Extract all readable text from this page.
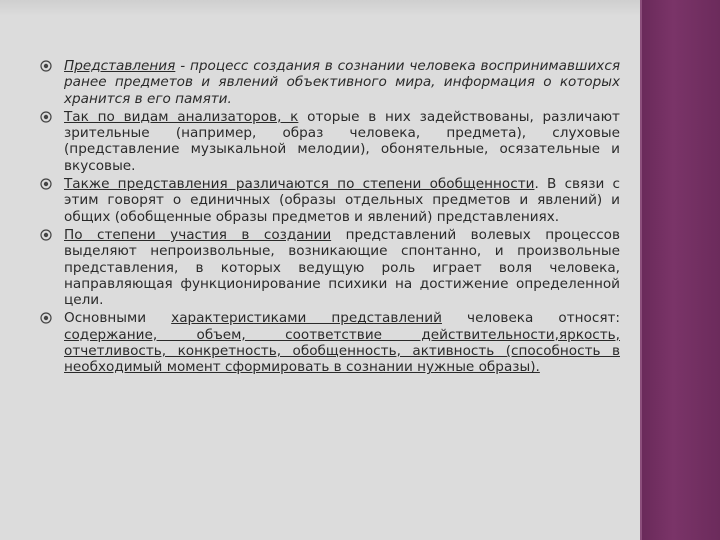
Представления - процесс создания в сознании человека воспринимавшихся ранее предметов и явлений объективного мира, информация о которых хранится в его памяти.
Так по видам анализаторов, к оторые в них задействованы, различают зрительные (например, образ человека, предмета), слуховые (представление музыкальной мелодии), обонятельные, осязательные и вкусовые.
Также представления различаются по степени обобщенности. В связи с этим говорят о единичных (образы отдельных предметов и явлений) и общих (обобщенные образы предметов и явлений) представлениях.
По степени участия в создании представлений волевых процессов выделяют непроизвольные, возникающие спонтанно, и произвольные представления, в которых ведущую роль играет воля человека, направляющая функционирование психики на достижение определенной цели.
Основными характеристиками представлений человека относят: содержание, объем, соответствие действительности,яркость, отчетливость, конкретность, обобщенность, активность (способность в необходимый момент сформировать в сознании нужные образы).
